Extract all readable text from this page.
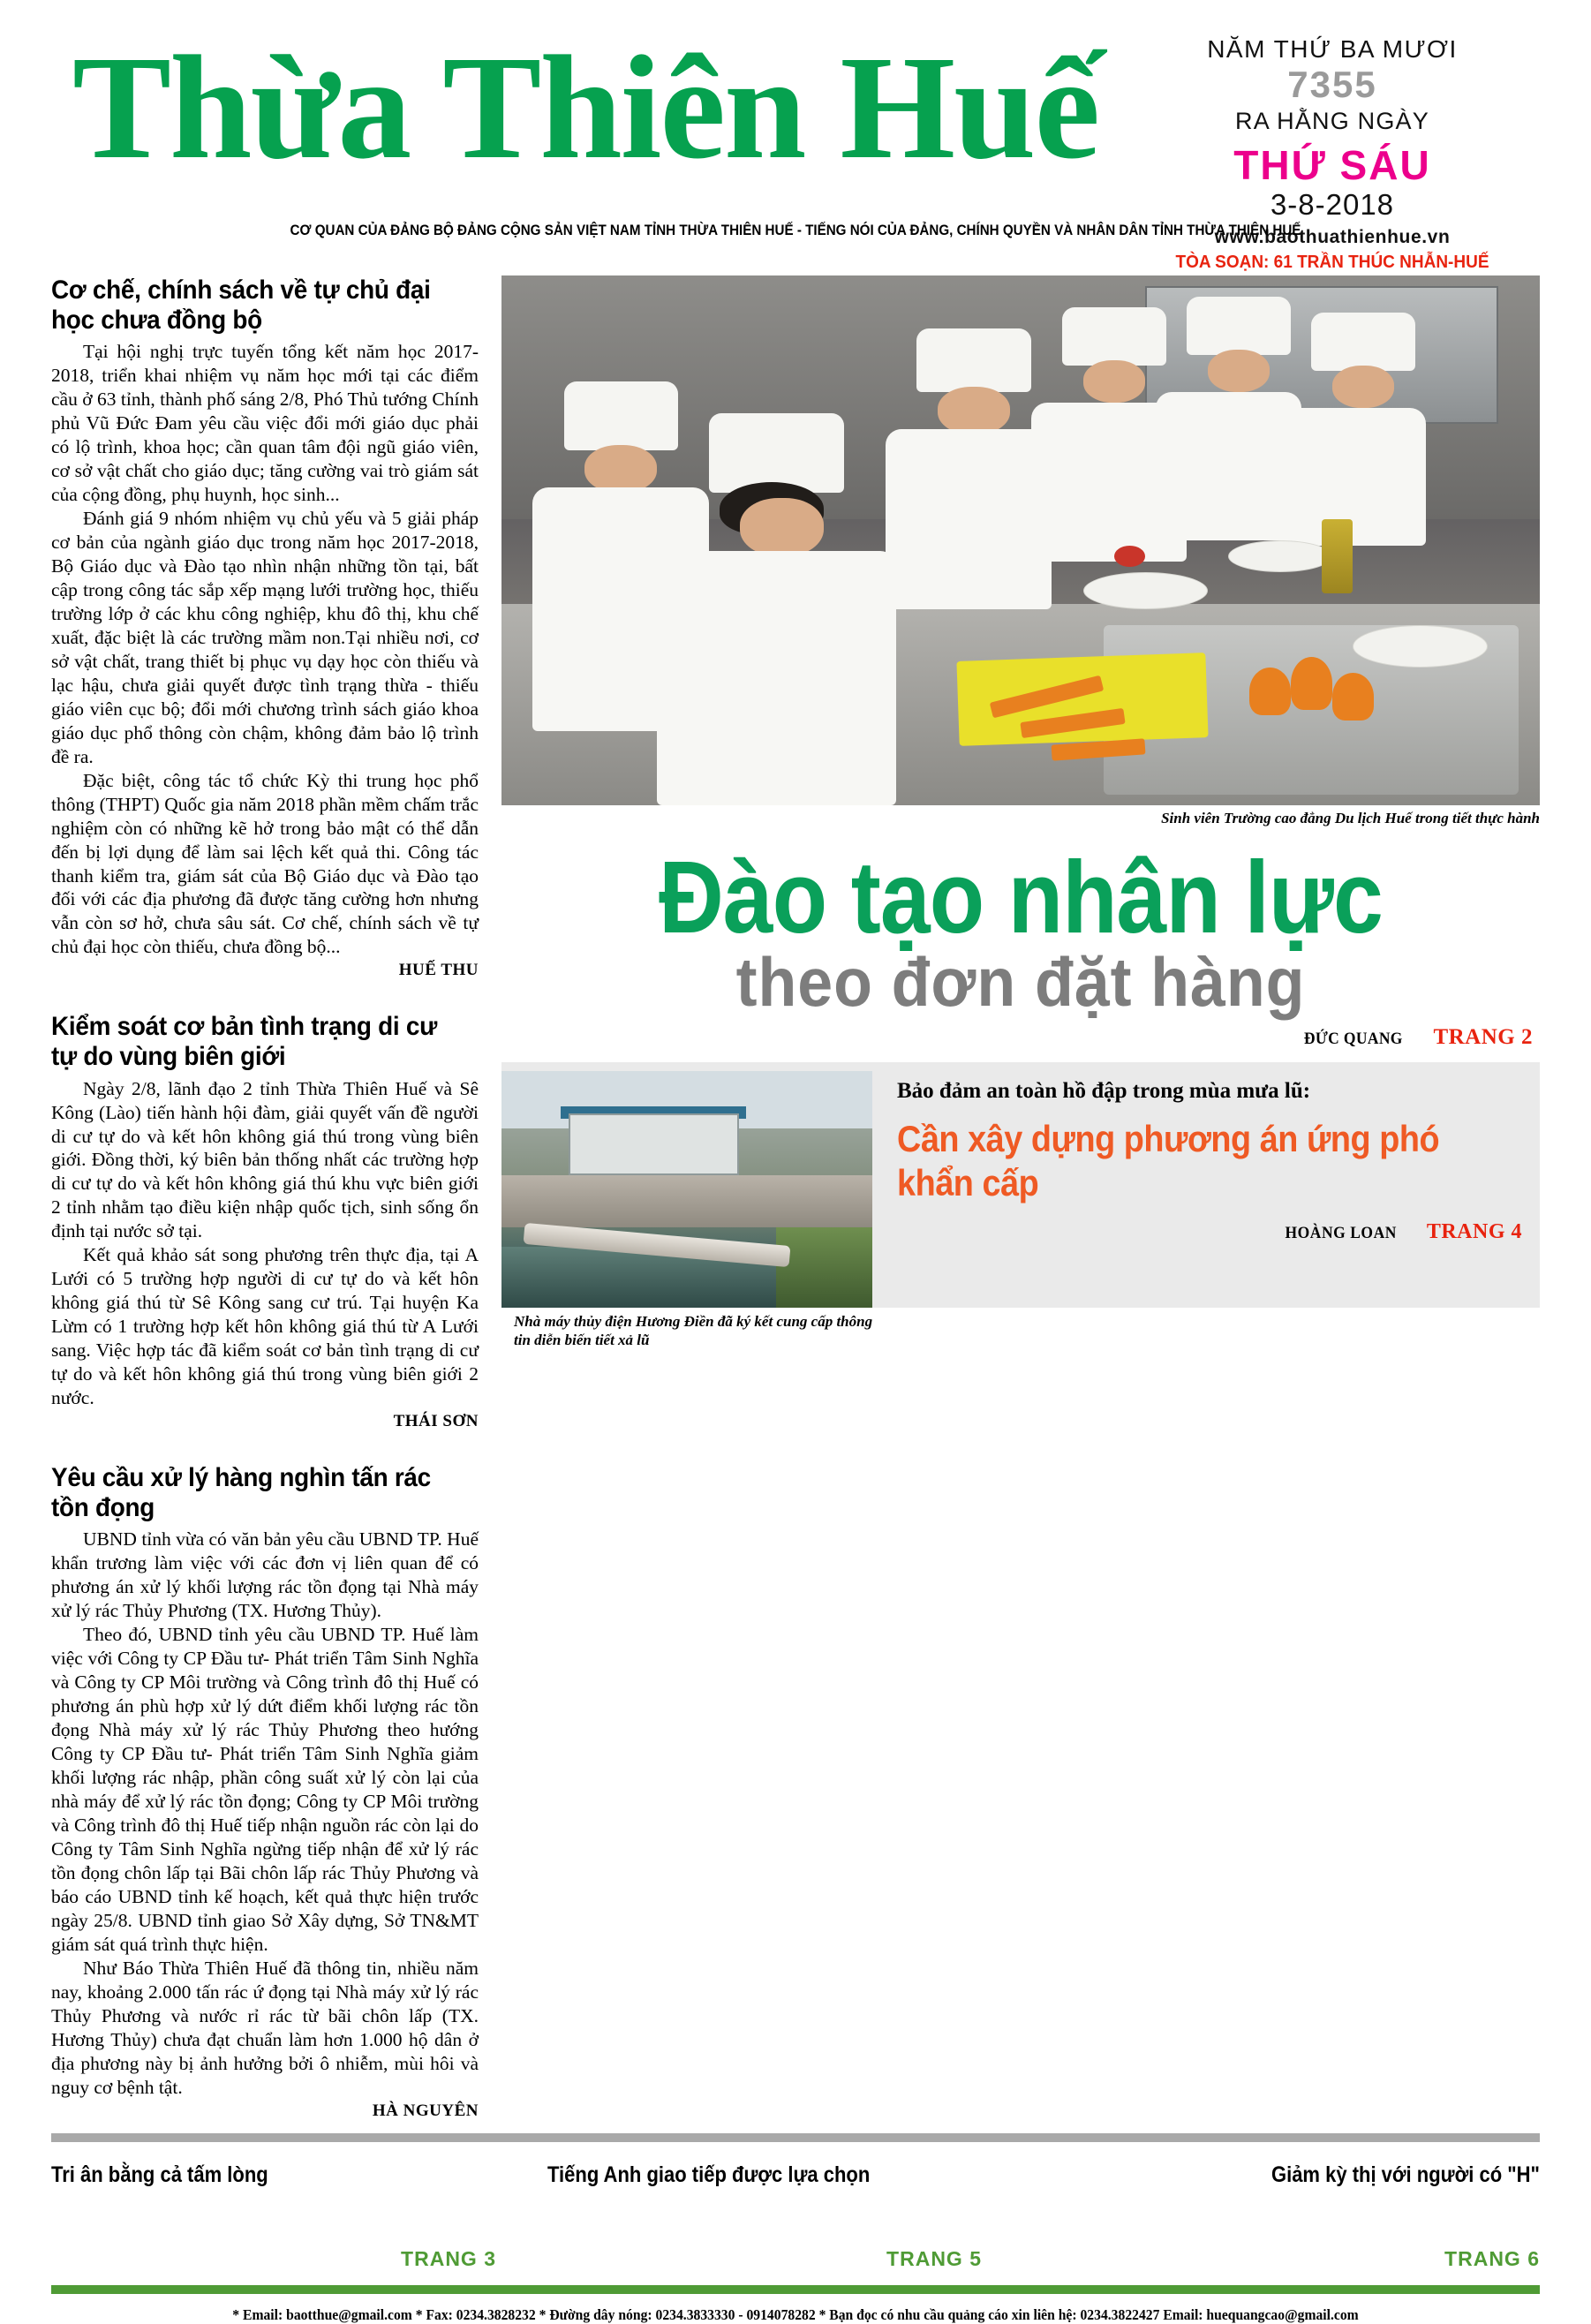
Thừa Thiên Huế	NĂM THỨ BA MƯƠI
7355
RA HẰNG NGÀY
THỨ SÁU
3-8-2018
www.baothuathienhue.vn
TÒA SOẠN: 61 TRẦN THÚC NHẪN-HUẾ
CƠ QUAN CỦA ĐẢNG BỘ ĐẢNG CỘNG SẢN VIỆT NAM TỈNH THỪA THIÊN HUẾ - TIẾNG NÓI CỦA ĐẢNG, CHÍNH QUYỀN VÀ NHÂN DÂN TỈNH THỪA THIÊN HUẾ
Cơ chế, chính sách về tự chủ đại học chưa đồng bộ

Tại hội nghị trực tuyến tổng kết năm học 2017-2018, triển khai nhiệm vụ năm học mới tại các điểm cầu ở 63 tỉnh, thành phố sáng 2/8, Phó Thủ tướng Chính phủ Vũ Đức Đam yêu cầu việc đổi mới giáo dục phải có lộ trình, khoa học; cần quan tâm đội ngũ giáo viên, cơ sở vật chất cho giáo dục; tăng cường vai trò giám sát của cộng đồng, phụ huynh, học sinh...

Đánh giá 9 nhóm nhiệm vụ chủ yếu và 5 giải pháp cơ bản của ngành giáo dục trong năm học 2017-2018, Bộ Giáo dục và Đào tạo nhìn nhận những tồn tại, bất cập trong công tác sắp xếp mạng lưới trường học, thiếu trường lớp ở các khu công nghiệp, khu đô thị, khu chế xuất, đặc biệt là các trường mầm non.Tại nhiều nơi, cơ sở vật chất, trang thiết bị phục vụ dạy học còn thiếu và lạc hậu, chưa giải quyết được tình trạng thừa - thiếu giáo viên cục bộ; đổi mới chương trình sách giáo khoa giáo dục phổ thông còn chậm, không đảm bảo lộ trình đề ra.

Đặc biệt, công tác tổ chức Kỳ thi trung học phổ thông (THPT) Quốc gia năm 2018 phần mềm chấm trắc nghiệm còn có những kẽ hở trong bảo mật có thể dẫn đến bị lợi dụng để làm sai lệch kết quả thi. Công tác thanh kiểm tra, giám sát của Bộ Giáo dục và Đào tạo đối với các địa phương đã được tăng cường hơn nhưng vẫn còn sơ hở, chưa sâu sát. Cơ chế, chính sách về tự chủ đại học còn thiếu, chưa đồng bộ...

HUẾ THU
Kiểm soát cơ bản tình trạng di cư tự do vùng biên giới

Ngày 2/8, lãnh đạo 2 tỉnh Thừa Thiên Huế và Sê Kông (Lào) tiến hành hội đàm, giải quyết vấn đề người di cư tự do và kết hôn không giá thú trong vùng biên giới. Đồng thời, ký biên bản thống nhất các trường hợp di cư tự do và kết hôn không giá thú khu vực biên giới 2 tỉnh nhằm tạo điều kiện nhập quốc tịch, sinh sống ổn định tại nước sở tại.

Kết quả khảo sát song phương trên thực địa, tại A Lưới có 5 trường hợp người di cư tự do và kết hôn không giá thú từ Sê Kông sang cư trú. Tại huyện Ka Lừm có 1 trường hợp kết hôn không giá thú từ A Lưới sang. Việc hợp tác đã kiểm soát cơ bản tình trạng di cư tự do và kết hôn không giá thú trong vùng biên giới 2 nước.

THÁI SƠN
Yêu cầu xử lý hàng nghìn tấn rác tồn đọng

UBND tỉnh vừa có văn bản yêu cầu UBND TP. Huế khẩn trương làm việc với các đơn vị liên quan để có phương án xử lý khối lượng rác tồn đọng tại Nhà máy xử lý rác Thủy Phương (TX. Hương Thủy).

Theo đó, UBND tỉnh yêu cầu UBND TP. Huế làm việc với Công ty CP Đầu tư- Phát triển Tâm Sinh Nghĩa và Công ty CP Môi trường và Công trình đô thị Huế có phương án phù hợp xử lý dứt điểm khối lượng rác tồn đọng Nhà máy xử lý rác Thủy Phương theo hướng Công ty CP Đầu tư- Phát triển Tâm Sinh Nghĩa giảm khối lượng rác nhập, phần công suất xử lý còn lại của nhà máy để xử lý rác tồn đọng; Công ty CP Môi trường và Công trình đô thị Huế tiếp nhận nguồn rác còn lại do Công ty Tâm Sinh Nghĩa ngừng tiếp nhận để xử lý rác tồn đọng chôn lấp tại Bãi chôn lấp rác Thủy Phương và báo cáo UBND tỉnh kế hoạch, kết quả thực hiện trước ngày 25/8. UBND tỉnh giao Sở Xây dựng, Sở TN&MT giám sát quá trình thực hiện.

Như Báo Thừa Thiên Huế đã thông tin, nhiều năm nay, khoảng 2.000 tấn rác ứ đọng tại Nhà máy xử lý rác Thủy Phương và nước rỉ rác từ bãi chôn lấp (TX. Hương Thủy) chưa đạt chuẩn làm hơn 1.000 hộ dân ở địa phương này bị ảnh hưởng bởi ô nhiễm, mùi hôi và nguy cơ bệnh tật.

HÀ NGUYÊN
Sinh viên Trường cao đẳng Du lịch Huế trong tiết thực hành
Đào tạo nhân lực
theo đơn đặt hàng
ĐỨC QUANG TRANG 2
Bảo đảm an toàn hồ đập trong mùa mưa lũ:
Cần xây dựng phương án ứng phó khẩn cấp
HOÀNG LOAN TRANG 4
Nhà máy thủy điện Hương Điền đã ký kết cung cấp thông tin diễn biến tiết xả lũ
Tri ân bằng cả tấm lòng
TRANG 3
Tiếng Anh giao tiếp được lựa chọn
TRANG 5
Giảm kỳ thị với người có "H"
TRANG 6
* Email: baotthue@gmail.com * Fax: 0234.3828232 * Đường dây nóng: 0234.3833330 - 0914078282 * Bạn đọc có nhu cầu quảng cáo xin liên hệ: 0234.3822427 Email: huequangcao@gmail.com
